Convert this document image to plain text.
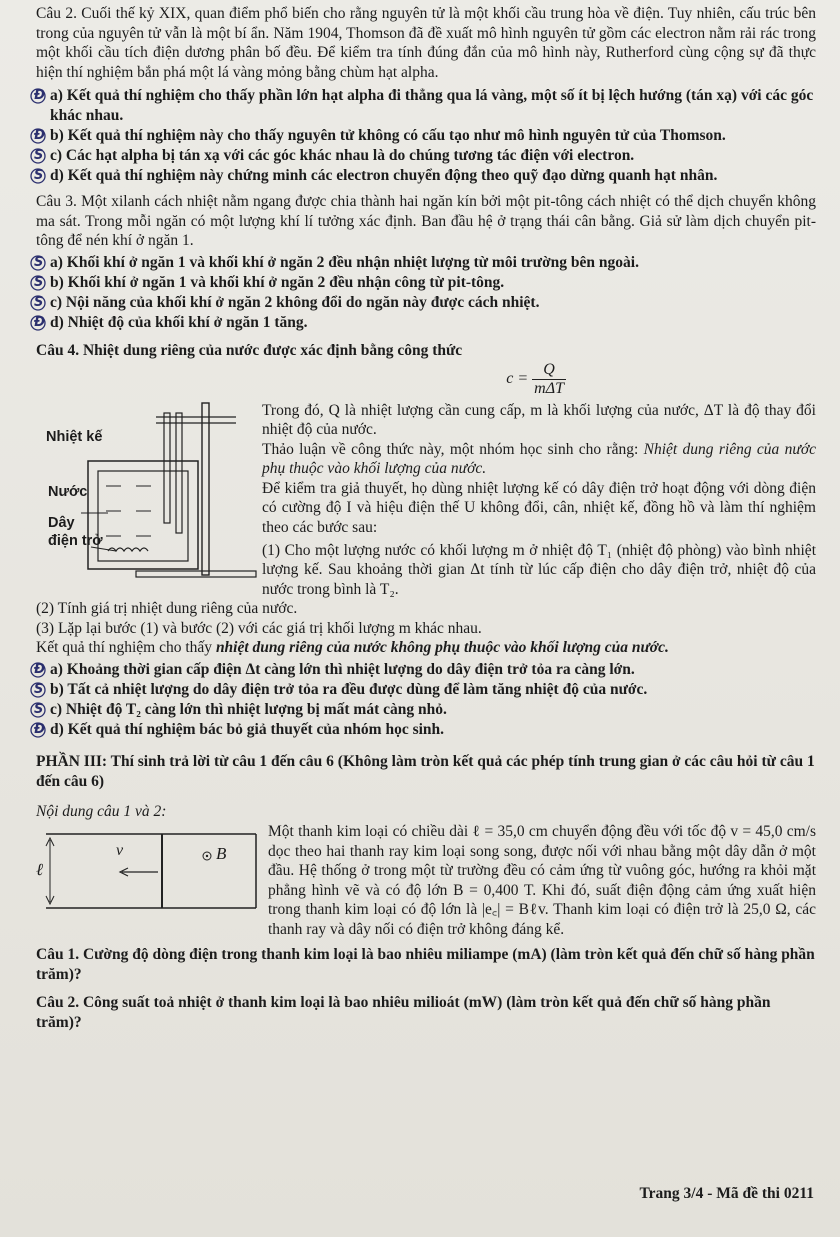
Câu 2. Cuối thế kỷ XIX, quan điểm phổ biến cho rằng nguyên tử là một khối cầu trung hòa về điện. Tuy nhiên, cấu trúc bên trong của nguyên tử vẫn là một bí ẩn. Năm 1904, Thomson đã đề xuất mô hình nguyên tử gồm các electron nằm rải rác trong một khối cầu tích điện dương phân bố đều. Để kiểm tra tính đúng đắn của mô hình này, Rutherford cùng cộng sự đã thực hiện thí nghiệm bắn phá một lá vàng mỏng bằng chùm hạt alpha.

Đ a) Kết quả thí nghiệm cho thấy phần lớn hạt alpha đi thẳng qua lá vàng, một số ít bị lệch hướng (tán xạ) với các góc khác nhau.
Đ b) Kết quả thí nghiệm này cho thấy nguyên tử không có cấu tạo như mô hình nguyên tử của Thomson.
S c) Các hạt alpha bị tán xạ với các góc khác nhau là do chúng tương tác điện với electron.
S d) Kết quả thí nghiệm này chứng minh các electron chuyển động theo quỹ đạo dừng quanh hạt nhân.

Câu 3. Một xilanh cách nhiệt nằm ngang được chia thành hai ngăn kín bởi một pit-tông cách nhiệt có thể dịch chuyển không ma sát. Trong mỗi ngăn có một lượng khí lí tưởng xác định. Ban đầu hệ ở trạng thái cân bằng. Giả sử làm dịch chuyển pit-tông để nén khí ở ngăn 1.

S a) Khối khí ở ngăn 1 và khối khí ở ngăn 2 đều nhận nhiệt lượng từ môi trường bên ngoài.
S b) Khối khí ở ngăn 1 và khối khí ở ngăn 2 đều nhận công từ pit-tông.
S c) Nội năng của khối khí ở ngăn 2 không đổi do ngăn này được cách nhiệt.
Đ d) Nhiệt độ của khối khí ở ngăn 1 tăng.

Câu 4. Nhiệt dung riêng của nước được xác định bằng công thức

$c = \frac{Q}{\text{mΔT}}$
Nhiệt kế
Nước
Dây
điện trở

Trong đó, Q là nhiệt lượng cần cung cấp, m là khối lượng của nước, ΔT là độ thay đổi nhiệt độ của nước.

Thảo luận về công thức này, một nhóm học sinh cho rằng: Nhiệt dung riêng của nước phụ thuộc vào khối lượng của nước.

Để kiểm tra giả thuyết, họ dùng nhiệt lượng kế có dây điện trở hoạt động với dòng điện có cường độ I và hiệu điện thế U không đổi, cân, nhiệt kế, đồng hồ và làm thí nghiệm theo các bước sau:

(1) Cho một lượng nước có khối lượng m ở nhiệt độ T₁ (nhiệt độ phòng) vào bình nhiệt lượng kế. Sau khoảng thời gian Δt tính từ lúc cấp điện cho dây điện trở, nhiệt độ của nước trong bình là T₂.

(2) Tính giá trị nhiệt dung riêng của nước.

(3) Lặp lại bước (1) và bước (2) với các giá trị khối lượng m khác nhau.

Kết quả thí nghiệm cho thấy nhiệt dung riêng của nước không phụ thuộc vào khối lượng của nước.

Đ a) Khoảng thời gian cấp điện Δt càng lớn thì nhiệt lượng do dây điện trở tỏa ra càng lớn.
S b) Tất cả nhiệt lượng do dây điện trở tỏa ra đều được dùng để làm tăng nhiệt độ của nước.
S c) Nhiệt độ T₂ càng lớn thì nhiệt lượng bị mất mát càng nhỏ.
Đ d) Kết quả thí nghiệm bác bỏ giả thuyết của nhóm học sinh.

PHẦN III: Thí sinh trả lời từ câu 1 đến câu 6 (Không làm tròn kết quả các phép tính trung gian ở các câu hỏi từ câu 1 đến câu 6)

Nội dung câu 1 và 2:

ℓ
v⃗	B⃗
Một thanh kim loại có chiều dài ℓ = 35,0 cm chuyển động đều với tốc độ v = 45,0 cm/s dọc theo hai thanh ray kim loại song song, được nối với nhau bằng một dây dẫn ở một đầu. Hệ thống ở trong một từ trường đều có cảm ứng từ vuông góc, hướng ra khỏi mặt phẳng hình vẽ và có độ lớn B = 0,400 T. Khi đó, suất điện động cảm ứng xuất hiện trong thanh kim loại có độ lớn là |e꜀| = Bℓv. Thanh kim loại có điện trở là 25,0 Ω, các thanh ray và dây nối có điện trở không đáng kể.

Câu 1. Cường độ dòng điện trong thanh kim loại là bao nhiêu miliampe (mA) (làm tròn kết quả đến chữ số hàng phần trăm)?

Câu 2. Công suất toả nhiệt ở thanh kim loại là bao nhiêu milioát (mW) (làm tròn kết quả đến chữ số hàng phần trăm)?

Trang 3/4 - Mã đề thi 0211
